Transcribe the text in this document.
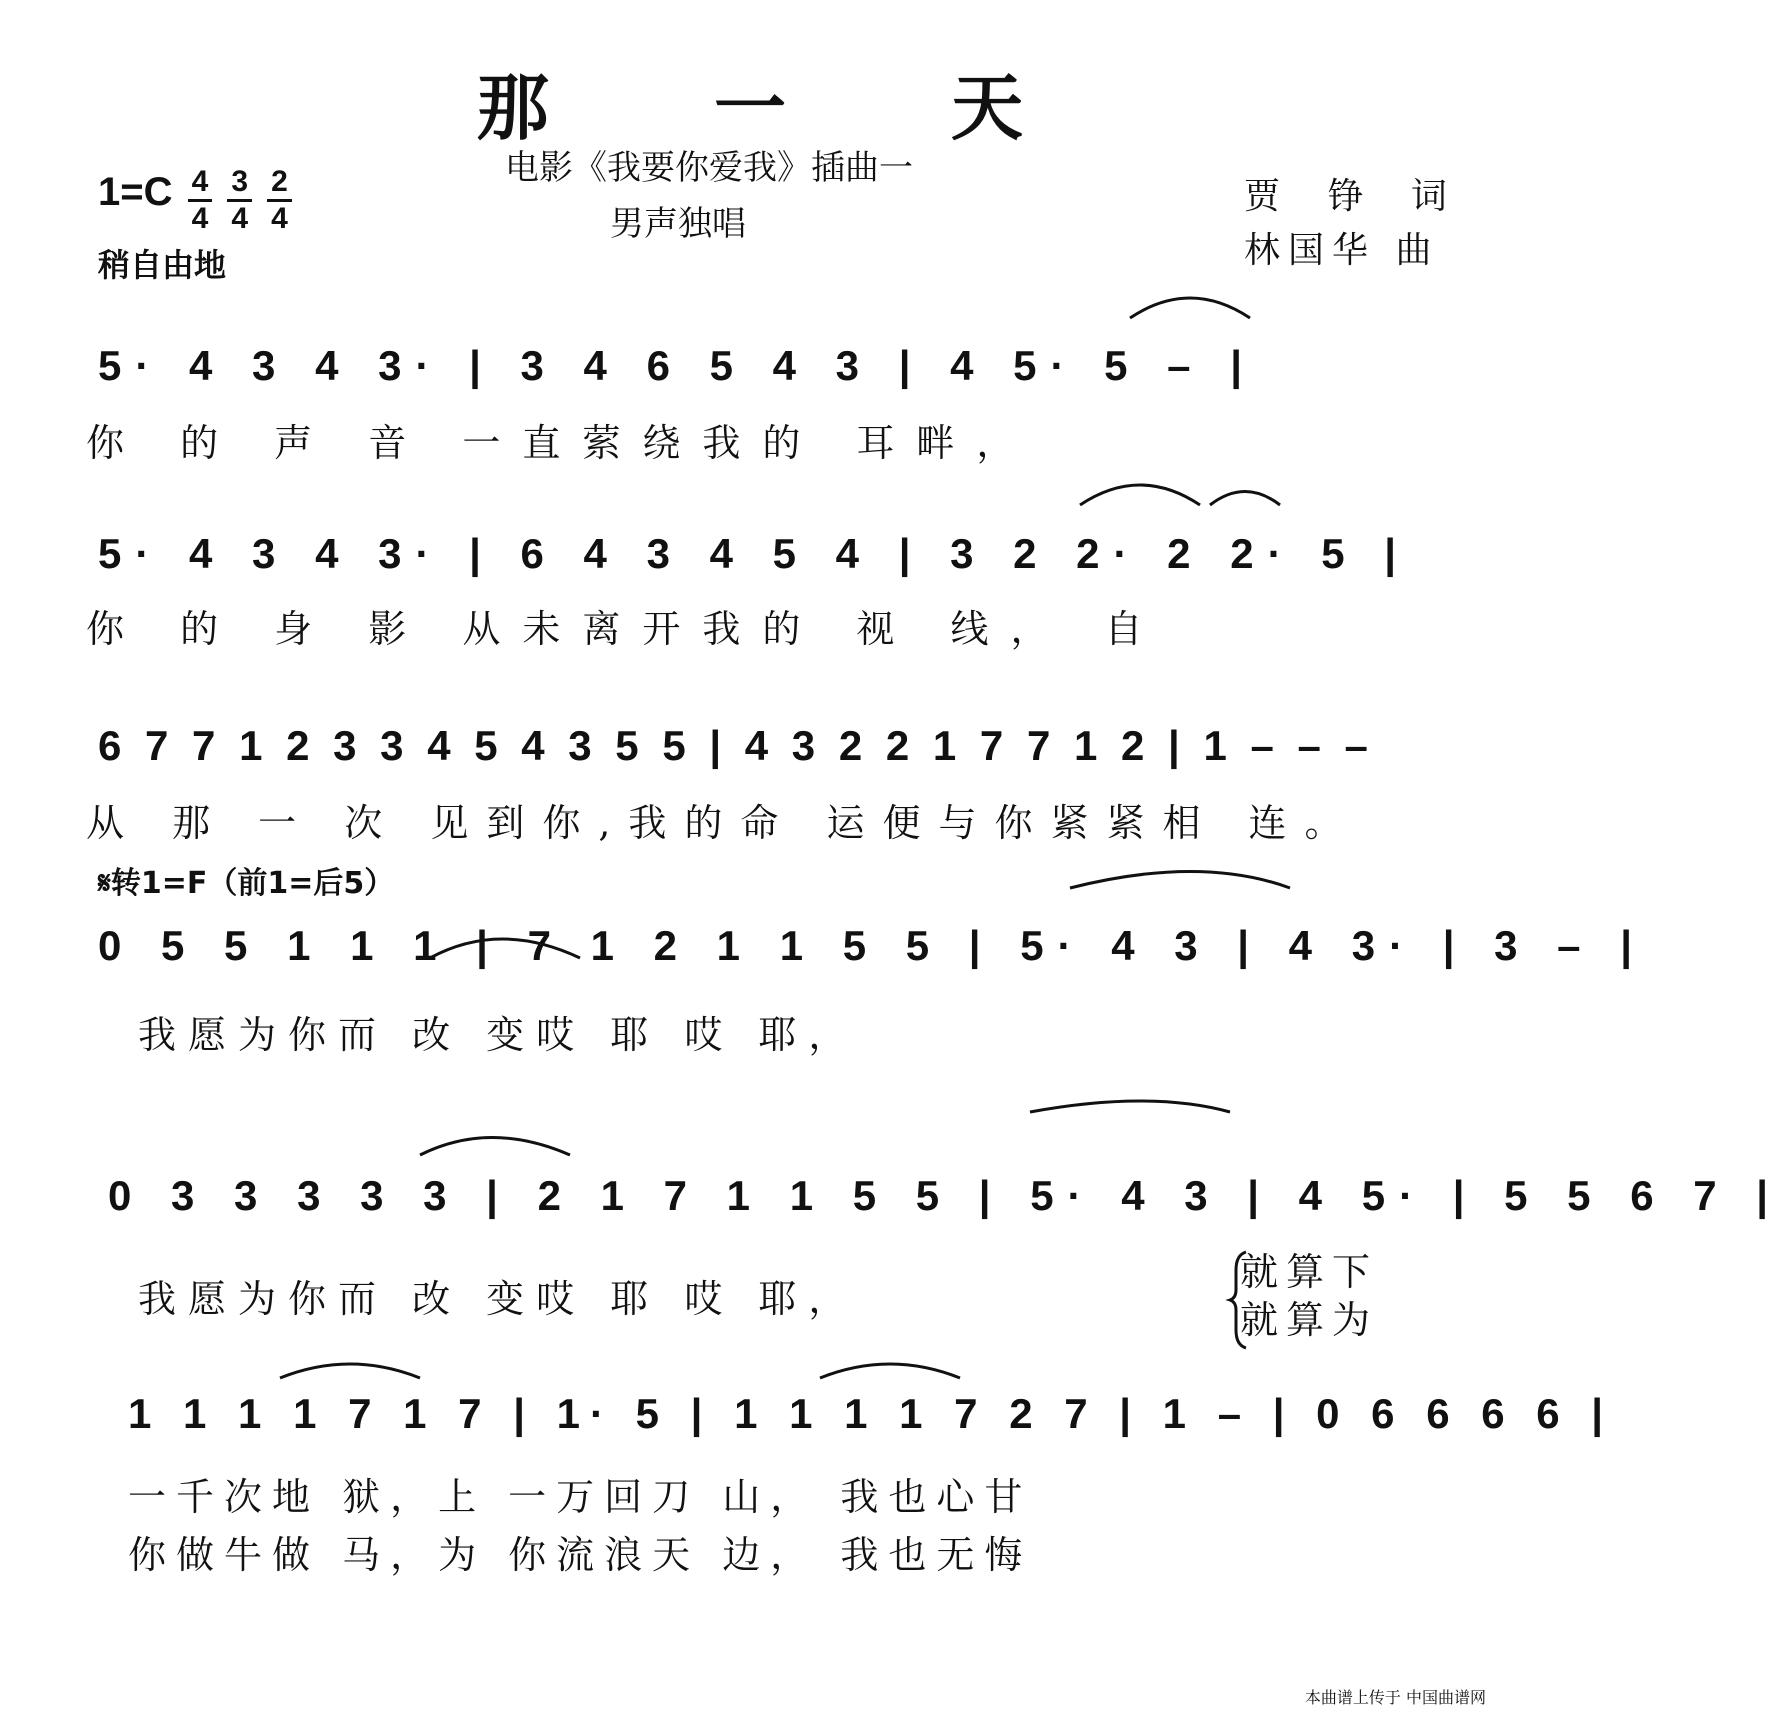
那 一 天
电影《我要你爱我》插曲一
男声独唱
$1=C \frac{4}{4}$
$\frac{3}{4}$
$\frac{2}{4}$
稍自由地
贾 铮 词
林国华 曲
5· 4 3 4 3· | 3 4 6 5 4 3 | 4 5· 5 – |
你 的 声 音 一直萦绕我的 耳畔，
5· 4 3 4 3· | 6 4 3 4 5 4 | 3 2 2· 2 2· 5 |
你 的 身 影 从未离开我的 视 线， 自
6 7 7 1 2 3 3 4 5 4 3 5 5 | 4 3 2 2 1 7 7 1 2 | 1 – – –
从 那 一 次 见到你,我的命 运便与你紧紧相 连。
𝄋转1=F（前1=后5）
0 5 5 1 1 1 | 7 1 2 1 1 5 5 | 5· 4 3 | 4 3· | 3 – |
我愿为你而 改 变哎 耶 哎 耶，
0 3 3 3 3 3 | 2 1 7 1 1 5 5 | 5· 4 3 | 4 5· | 5 5 6 7 |
我愿为你而 改 变哎 耶 哎 耶，
就算下
就算为
1 1 1 1 7 1 7 | 1· 5 | 1 1 1 1 7 2 7 | 1 – | 0 6 6 6 6 |
一千次地 狱，上 一万回刀 山， 我也心甘
你做牛做 马，为 你流浪天 边， 我也无悔
本曲谱上传于 中国曲谱网
